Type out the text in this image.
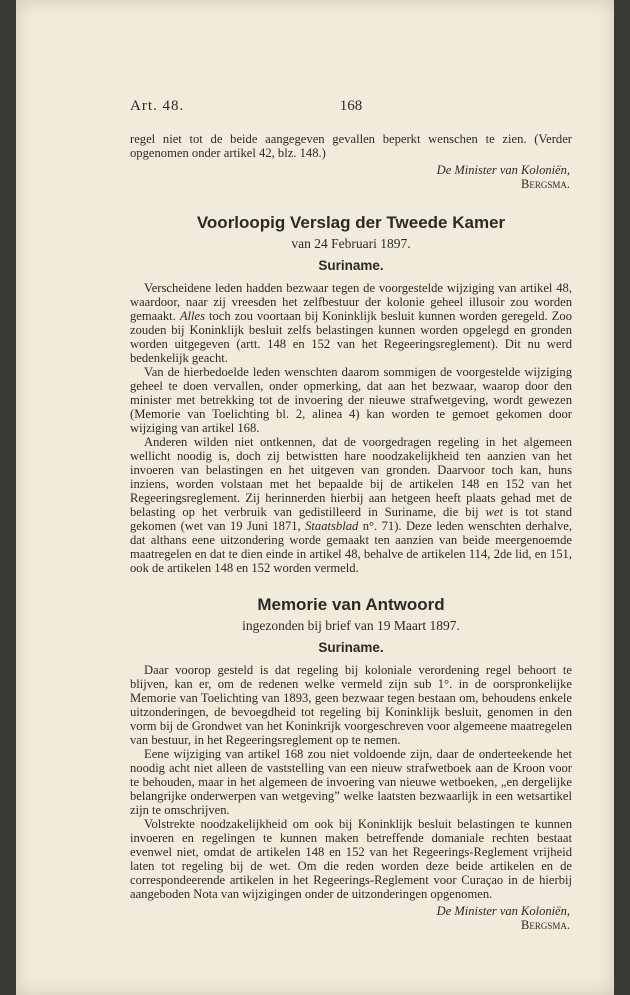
Art. 48.	168

regel niet tot de beide aangegeven gevallen beperkt wenschen te zien. (Verder opgenomen onder artikel 42, blz. 148.)

De Minister van Koloniën,
Bergsma.
Voorloopig Verslag der Tweede Kamer

van 24 Februari 1897.

Suriname.

Verscheidene leden hadden bezwaar tegen de voorgestelde wijziging van artikel 48, waardoor, naar zij vreesden het zelfbestuur der kolonie geheel illusoir zou worden gemaakt. Alles toch zou voortaan bij Koninklijk besluit kunnen worden geregeld. Zoo zouden bij Koninklijk besluit zelfs belastingen kunnen worden opgelegd en gronden worden uitgegeven (artt. 148 en 152 van het Regeeringsreglement). Dit nu werd bedenkelijk geacht.

Van de hierbedoelde leden wenschten daarom sommigen de voorgestelde wijziging geheel te doen vervallen, onder opmerking, dat aan het bezwaar, waarop door den minister met betrekking tot de invoering der nieuwe strafwetgeving, wordt gewezen (Memorie van Toelichting bl. 2, alinea 4) kan worden te gemoet gekomen door wijziging van artikel 168.

Anderen wilden niet ontkennen, dat de voorgedragen regeling in het algemeen wellicht noodig is, doch zij betwistten hare noodzakelijkheid ten aanzien van het invoeren van belastingen en het uitgeven van gronden. Daarvoor toch kan, huns inziens, worden volstaan met het bepaalde bij de artikelen 148 en 152 van het Regeeringsreglement. Zij herinnerden hierbij aan hetgeen heeft plaats gehad met de belasting op het verbruik van gedistilleerd in Suriname, die bij wet is tot stand gekomen (wet van 19 Juni 1871, Staatsblad n°. 71). Deze leden wenschten derhalve, dat althans eene uitzondering worde gemaakt ten aanzien van beide meergenoemde maatregelen en dat te dien einde in artikel 48, behalve de artikelen 114, 2de lid, en 151, ook de artikelen 148 en 152 worden vermeld.

Memorie van Antwoord

ingezonden bij brief van 19 Maart 1897.

Suriname.

Daar voorop gesteld is dat regeling bij koloniale verordening regel behoort te blijven, kan er, om de redenen welke vermeld zijn sub 1°. in de oorspronkelijke Memorie van Toelichting van 1893, geen bezwaar tegen bestaan om, behoudens enkele uitzonderingen, de bevoegdheid tot regeling bij Koninklijk besluit, genomen in den vorm bij de Grondwet van het Koninkrijk voorgeschreven voor algemeene maatregelen van bestuur, in het Regeeringsreglement op te nemen.

Eene wijziging van artikel 168 zou niet voldoende zijn, daar de onderteekende het noodig acht niet alleen de vaststelling van een nieuw strafwetboek aan de Kroon voor te behouden, maar in het algemeen de invoering van nieuwe wetboeken, „en dergelijke belangrijke onderwerpen van wetgeving” welke laatsten bezwaarlijk in een wetsartikel zijn te omschrijven.

Volstrekte noodzakelijkheid om ook bij Koninklijk besluit belastingen te kunnen invoeren en regelingen te kunnen maken betreffende domaniale rechten bestaat evenwel niet, omdat de artikelen 148 en 152 van het Regeerings-Reglement vrijheid laten tot regeling bij de wet. Om die reden worden deze beide artikelen en de correspondeerende artikelen in het Regeerings-Reglement voor Curaçao in de hierbij aangeboden Nota van wijzigingen onder de uitzonderingen opgenomen.

De Minister van Koloniën,
Bergsma.
